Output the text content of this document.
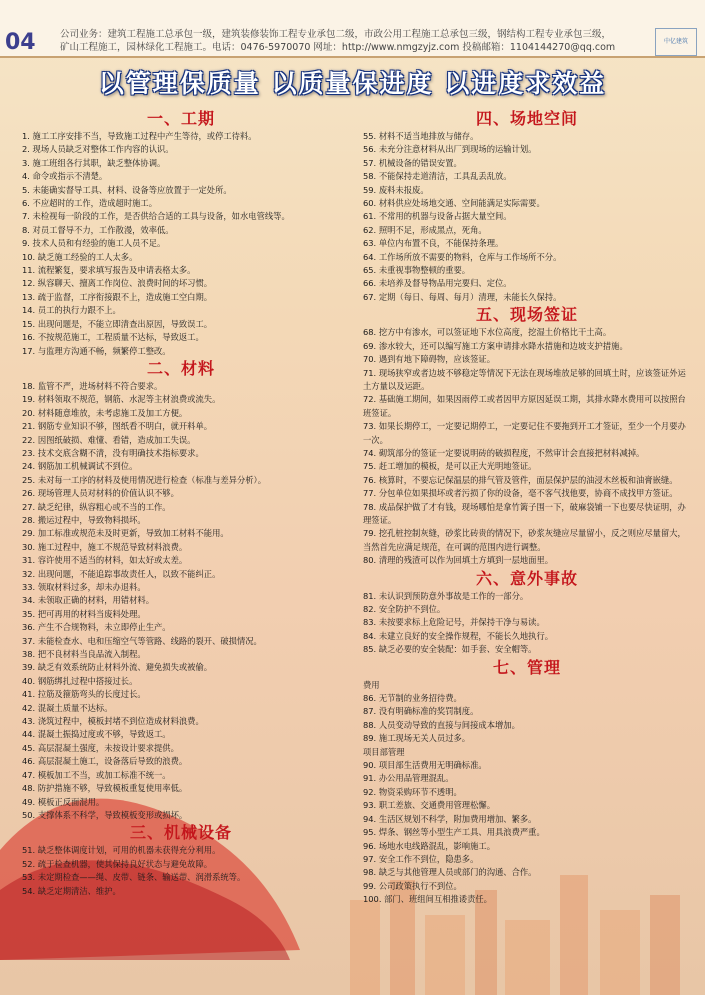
04	公司业务：建筑工程施工总承包一级，建筑装修装饰工程专业承包二级，市政公用工程施工总承包三级，钢结构工程专业承包三级，
矿山工程施工，园林绿化工程施工。电话：0476-5970070 网址：http://www.nmgzyjz.com 投稿邮箱：1104144270@qq.com
中亿建筑
以管理保质量 以质量保进度 以进度求效益
一、工期
1. 施工工序安排不当，导致施工过程中产生等待，或停工待料。
2. 现场人员缺乏对整体工作内容的认识。
3. 施工班组各行其职，缺乏整体协调。
4. 命令或指示不清楚。
5. 未能确实督导工具、材料、设备等应放置于一定处所。
6. 不应超时的工作，造成超时施工。
7. 未检视每一阶段的工作，是否供给合适的工具与设备，如水电管线等。
8. 对员工督导不力，工作散漫，效率低。
9. 技术人员和有经验的施工人员不足。
10. 缺乏施工经验的工人太多。
11. 流程繁复，要求填写报告及申请表格太多。
12. 纵容聊天、擅离工作岗位、浪费时间的坏习惯。
13. 疏于监督，工序衔接跟不上，造成施工空白期。
14. 员工的执行力跟不上。
15. 出现问题是，不能立即清查出原因，导致误工。
16. 不按规范施工，工程质量不达标，导致返工。
17. 与监理方沟通不畅，频繁停工整改。
二、材料
18. 监管不严，进场材料不符合要求。
19. 材料领取不规范，钢筋、水泥等主材浪费或流失。
20. 材料随意堆放，未考虑施工及加工方便。
21. 钢筋专业知识不够，图纸看不明白，就开料单。
22. 因图纸破损、难懂、看错，造成加工失误。
23. 技术交底含糊不清，没有明确技术指标要求。
24. 钢筋加工机械调试不到位。
25. 未对每一工序的材料及使用情况进行检查（标准与差异分析）。
26. 现场管理人员对材料的价值认识不够。
27. 缺乏纪律，纵容粗心或不当的工作。
28. 搬运过程中，导致物料损坏。
29. 加工标准或规范未及时更新，导致加工材料不能用。
30. 施工过程中，施工不规范导致材料浪费。
31. 容许使用不适当的材料，如太好或太差。
32. 出现问题，不能追踪事故责任人，以致不能纠正。
33. 领取材料过多，却未办退料。
34. 未领取正确的材料，用错材料。
35. 把可再用的材料当废料处理。
36. 产生不合规物料，未立即停止生产。
37. 未能检查水、电和压缩空气等管路、线路的裂开、破损情况。
38. 把不良材料当良品流入制程。
39. 缺乏有效系统防止材料外流、避免损失或被偷。
40. 钢筋绑扎过程中搭接过长。
41. 拉筋及箍筋弯头的长度过长。
42. 混凝土质量不达标。
43. 浇筑过程中，模板封堵不到位造成材料浪费。
44. 混凝土振捣过度或不够，导致返工。
45. 高层混凝土强度，未按设计要求提供。
46. 高层混凝土施工，设备落后导致的浪费。
47. 模板加工不当，或加工标准不统一。
48. 防护措施不够，导致模板重复使用率低。
49. 模板正反面混用。
50. 支撑体系不科学，导致模板变形或损坏。
三、机械设备
51. 缺乏整体调度计划，可用的机器未获得充分利用。
52. 疏于检查机器，使其保持良好状态与避免故障。
53. 未定期检查——绳、皮带、链条、输送带、润滑系统等。
54. 缺乏定期清洁、维护。
四、场地空间
55. 材料不适当地排放与储存。
56. 未充分注意材料从出厂到现场的运输计划。
57. 机械设备的错误安置。
58. 不能保持走道清洁，工具乱丢乱放。
59. 废料未报废。
60. 材料供应处场地交通、空间能满足实际需要。
61. 不常用的机器与设备占据大量空间。
62. 照明不足，形成黑点，死角。
63. 单位内布置不良，不能保持条理。
64. 工作场所放不需要的物料，仓库与工作场所不分。
65. 未重视事物整顿的重要。
66. 未培养及督导物品用完要归、定位。
67. 定期（每日、每周、每月）清理，未能长久保持。
五、现场签证
68. 挖方中有渗水，可以签证地下水位高度，挖湿土价格比干土高。
69. 渗水较大，还可以编写施工方案申请排水降水措施和边坡支护措施。
70. 遇到有地下障碍物，应该签证。
71. 现场狭窄或者边坡不够稳定等情况下无法在现场堆放足够的回填土时，应该签证外运土方量以及运距。
72. 基础施工期间，如果因雨停工或者因甲方原因延误工期，其排水降水费用可以按照台班签证。
73. 如果长期停工，一定要记期停工，一定要记住不要拖到开工才签证，至少一个月要办一次。
74. 砌筑部分的签证一定要说明砖的破损程度，不然审计会直接把材料减掉。
75. 赶工增加的模板，是可以正大光明地签证。
76. 核算时，不要忘记保温层的排气管及管件，面层保护层的油浸木丝板和油膏嵌缝。
77. 分包单位如果损坏或者污损了你的设备，毫不客气找他要，协商不成找甲方签证。
78. 成品保护做了才有钱，现场哪怕是拿竹篱子围一下，破麻袋铺一下也要尽快证明，办理签证。
79. 挖孔桩控制灰缝，砂浆比砖贵的情况下，砂浆灰缝应尽量留小，反之则应尽量留大，当然首先应满足规范，在可调的范围内进行调整。
80. 清理的残渣可以作为回填土方填到一层地面里。
六、意外事故
81. 未认识到预防意外事故是工作的一部分。
82. 安全防护不到位。
83. 未按要求标上危险记号，并保持干净与易读。
84. 未建立良好的安全操作规程，不能长久地执行。
85. 缺乏必要的安全装配：如手套、安全帽等。
七、管理
费用
86. 无节制的业务招待费。
87. 没有明确标准的奖罚制度。
88. 人员变动导致的直接与间接成本增加。
89. 施工现场无关人员过多。
项目部管理
90. 项目部生活费用无明确标准。
91. 办公用品管理混乱。
92. 物资采购环节不透明。
93. 职工差旅、交通费用管理松懈。
94. 生活区规划不科学，附加费用增加、繁多。
95. 焊条、钢丝等小型生产工具、用具浪费严重。
96. 场地水电线路混乱，影响施工。
97. 安全工作不到位，隐患多。
98. 缺乏与其他管理人员或部门的沟通、合作。
99. 公司政策执行不到位。
100. 部门、班组间互相推诿责任。
